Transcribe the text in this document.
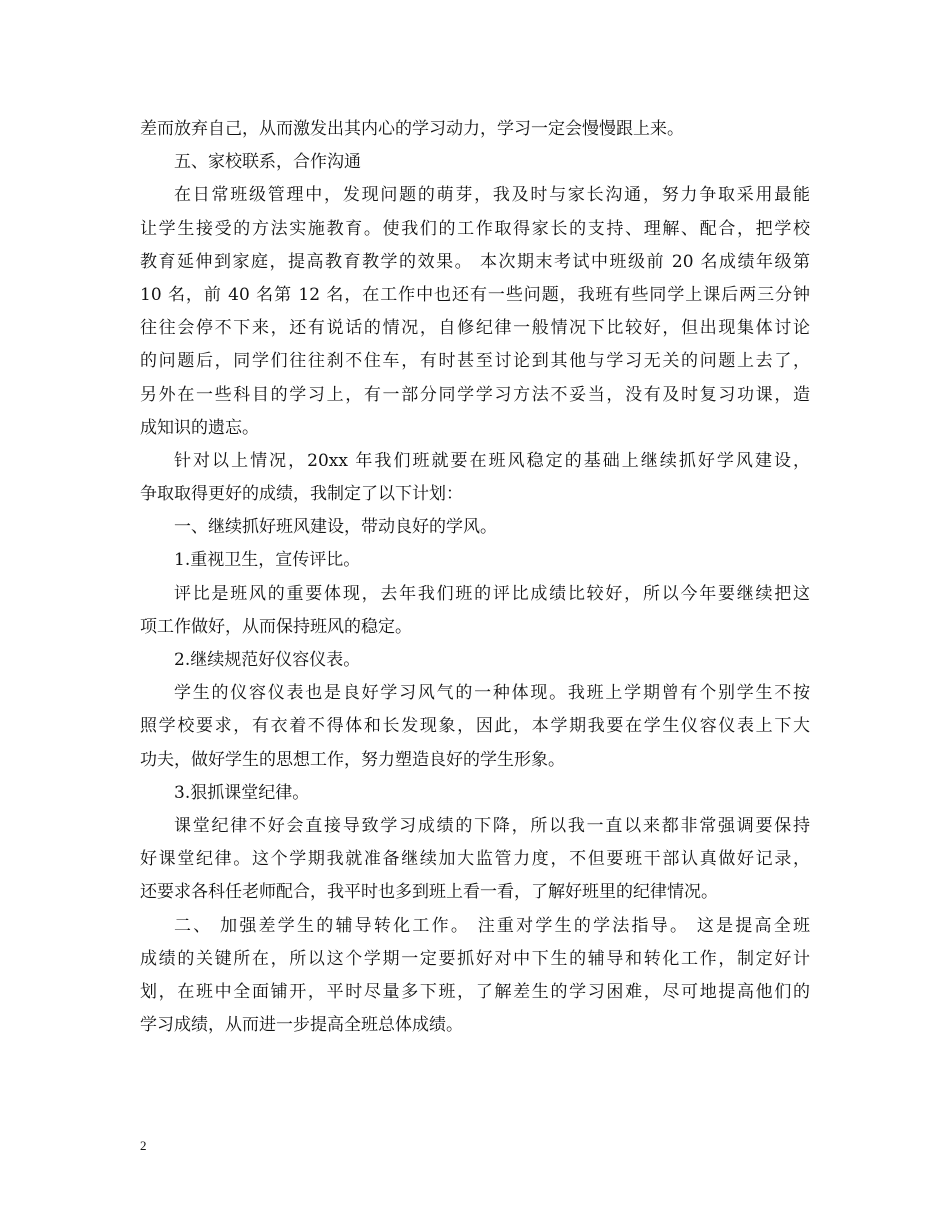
差而放弃自己，从而激发出其内心的学习动力，学习一定会慢慢跟上来。
五、家校联系，合作沟通
在日常班级管理中，发现问题的萌芽，我及时与家长沟通，努力争取采用最能
让学生接受的方法实施教育。使我们的工作取得家长的支持、理解、配合，把学校
教育延伸到家庭，提高教育教学的效果。 本次期末考试中班级前 20 名成绩年级第
10 名，前 40 名第 12 名，在工作中也还有一些问题，我班有些同学上课后两三分钟
往往会停不下来，还有说话的情况，自修纪律一般情况下比较好，但出现集体讨论
的问题后，同学们往往刹不住车，有时甚至讨论到其他与学习无关的问题上去了，
另外在一些科目的学习上，有一部分同学学习方法不妥当，没有及时复习功课，造
成知识的遗忘。
针对以上情况，20xx 年我们班就要在班风稳定的基础上继续抓好学风建设，
争取取得更好的成绩，我制定了以下计划：
一、继续抓好班风建设，带动良好的学风。
1.重视卫生，宣传评比。
评比是班风的重要体现，去年我们班的评比成绩比较好，所以今年要继续把这
项工作做好，从而保持班风的稳定。
2.继续规范好仪容仪表。
学生的仪容仪表也是良好学习风气的一种体现。我班上学期曾有个别学生不按
照学校要求，有衣着不得体和长发现象，因此，本学期我要在学生仪容仪表上下大
功夫，做好学生的思想工作，努力塑造良好的学生形象。
3.狠抓课堂纪律。
课堂纪律不好会直接导致学习成绩的下降，所以我一直以来都非常强调要保持
好课堂纪律。这个学期我就准备继续加大监管力度，不但要班干部认真做好记录，
还要求各科任老师配合，我平时也多到班上看一看，了解好班里的纪律情况。
二、 加强差学生的辅导转化工作。 注重对学生的学法指导。 这是提高全班
成绩的关键所在，所以这个学期一定要抓好对中下生的辅导和转化工作，制定好计
划，在班中全面铺开，平时尽量多下班，了解差生的学习困难，尽可地提高他们的
学习成绩，从而进一步提高全班总体成绩。
2
